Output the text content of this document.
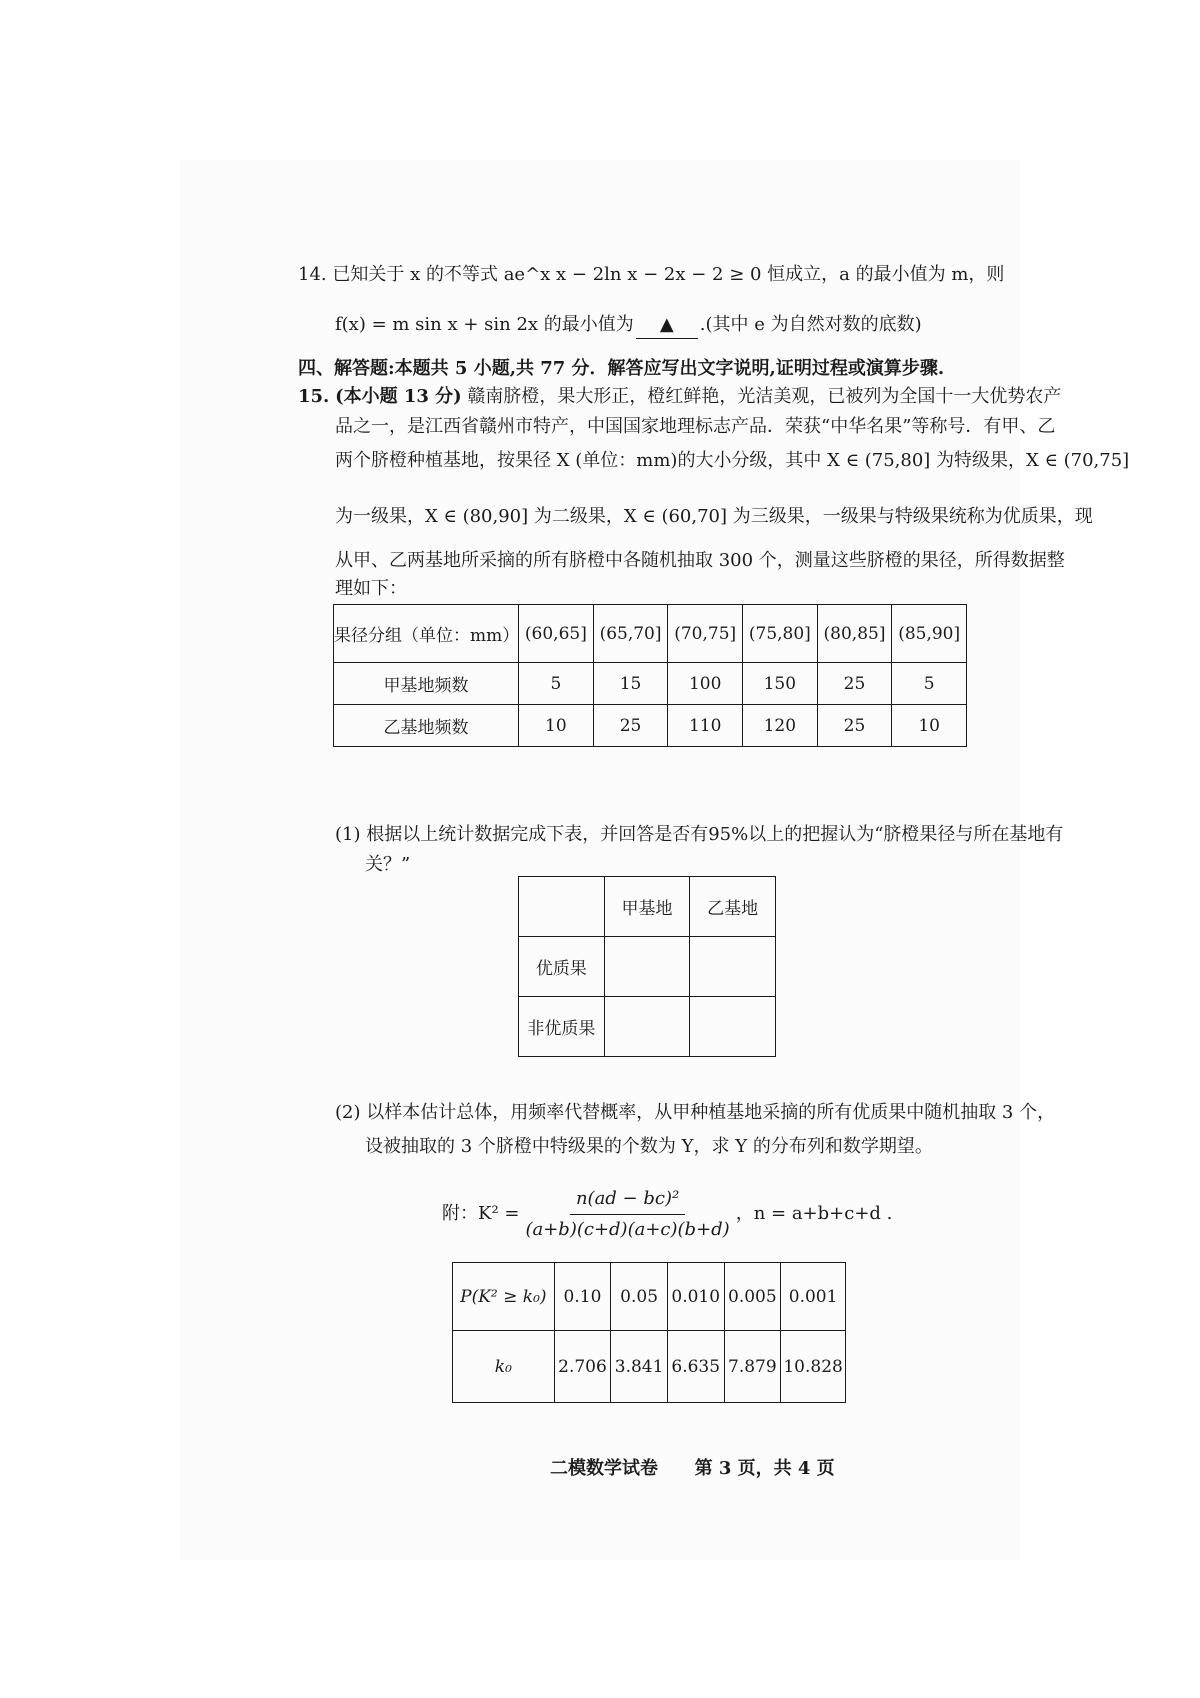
14. 已知关于 x 的不等式 ae^x x − 2ln x − 2x − 2 ≥ 0 恒成立，a 的最小值为 m，则
f(x) = m sin x + sin 2x 的最小值为 ▲ .(其中 e 为自然对数的底数)
四、解答题:本题共 5 小题,共 77 分．解答应写出文字说明,证明过程或演算步骤.
15. (本小题 13 分) 赣南脐橙，果大形正，橙红鲜艳，光洁美观，已被列为全国十一大优势农产
品之一，是江西省赣州市特产，中国国家地理标志产品．荣获“中华名果”等称号．有甲、乙
两个脐橙种植基地，按果径 X (单位：mm)的大小分级，其中 X ∈ (75,80] 为特级果，X ∈ (70,75]
为一级果，X ∈ (80,90] 为二级果，X ∈ (60,70] 为三级果，一级果与特级果统称为优质果，现
从甲、乙两基地所采摘的所有脐橙中各随机抽取 300 个，测量这些脐橙的果径，所得数据整
理如下：
果径分组（单位：mm）	(60,65]	(65,70]	(70,75]	(75,80]	(80,85]	(85,90]
甲基地频数	5	15	100	150	25	5
乙基地频数	10	25	110	120	25	10
(1) 根据以上统计数据完成下表，并回答是否有95%以上的把握认为“脐橙果径与所在基地有
关？”
	甲基地	乙基地
优质果		
非优质果		
(2) 以样本估计总体，用频率代替概率，从甲种植基地采摘的所有优质果中随机抽取 3 个，
设被抽取的 3 个脐橙中特级果的个数为 Y，求 Y 的分布列和数学期望。
附：$K^2 = \frac{\text{n(ad − bc)²}}{(a+b)(c+d)(a+c)(b+d)}$ ，n = a+b+c+d .
P(K² ≥ k₀)	0.10	0.05	0.010	0.005	0.001
k₀	2.706	3.841	6.635	7.879	10.828
二模数学试卷 第 3 页，共 4 页
